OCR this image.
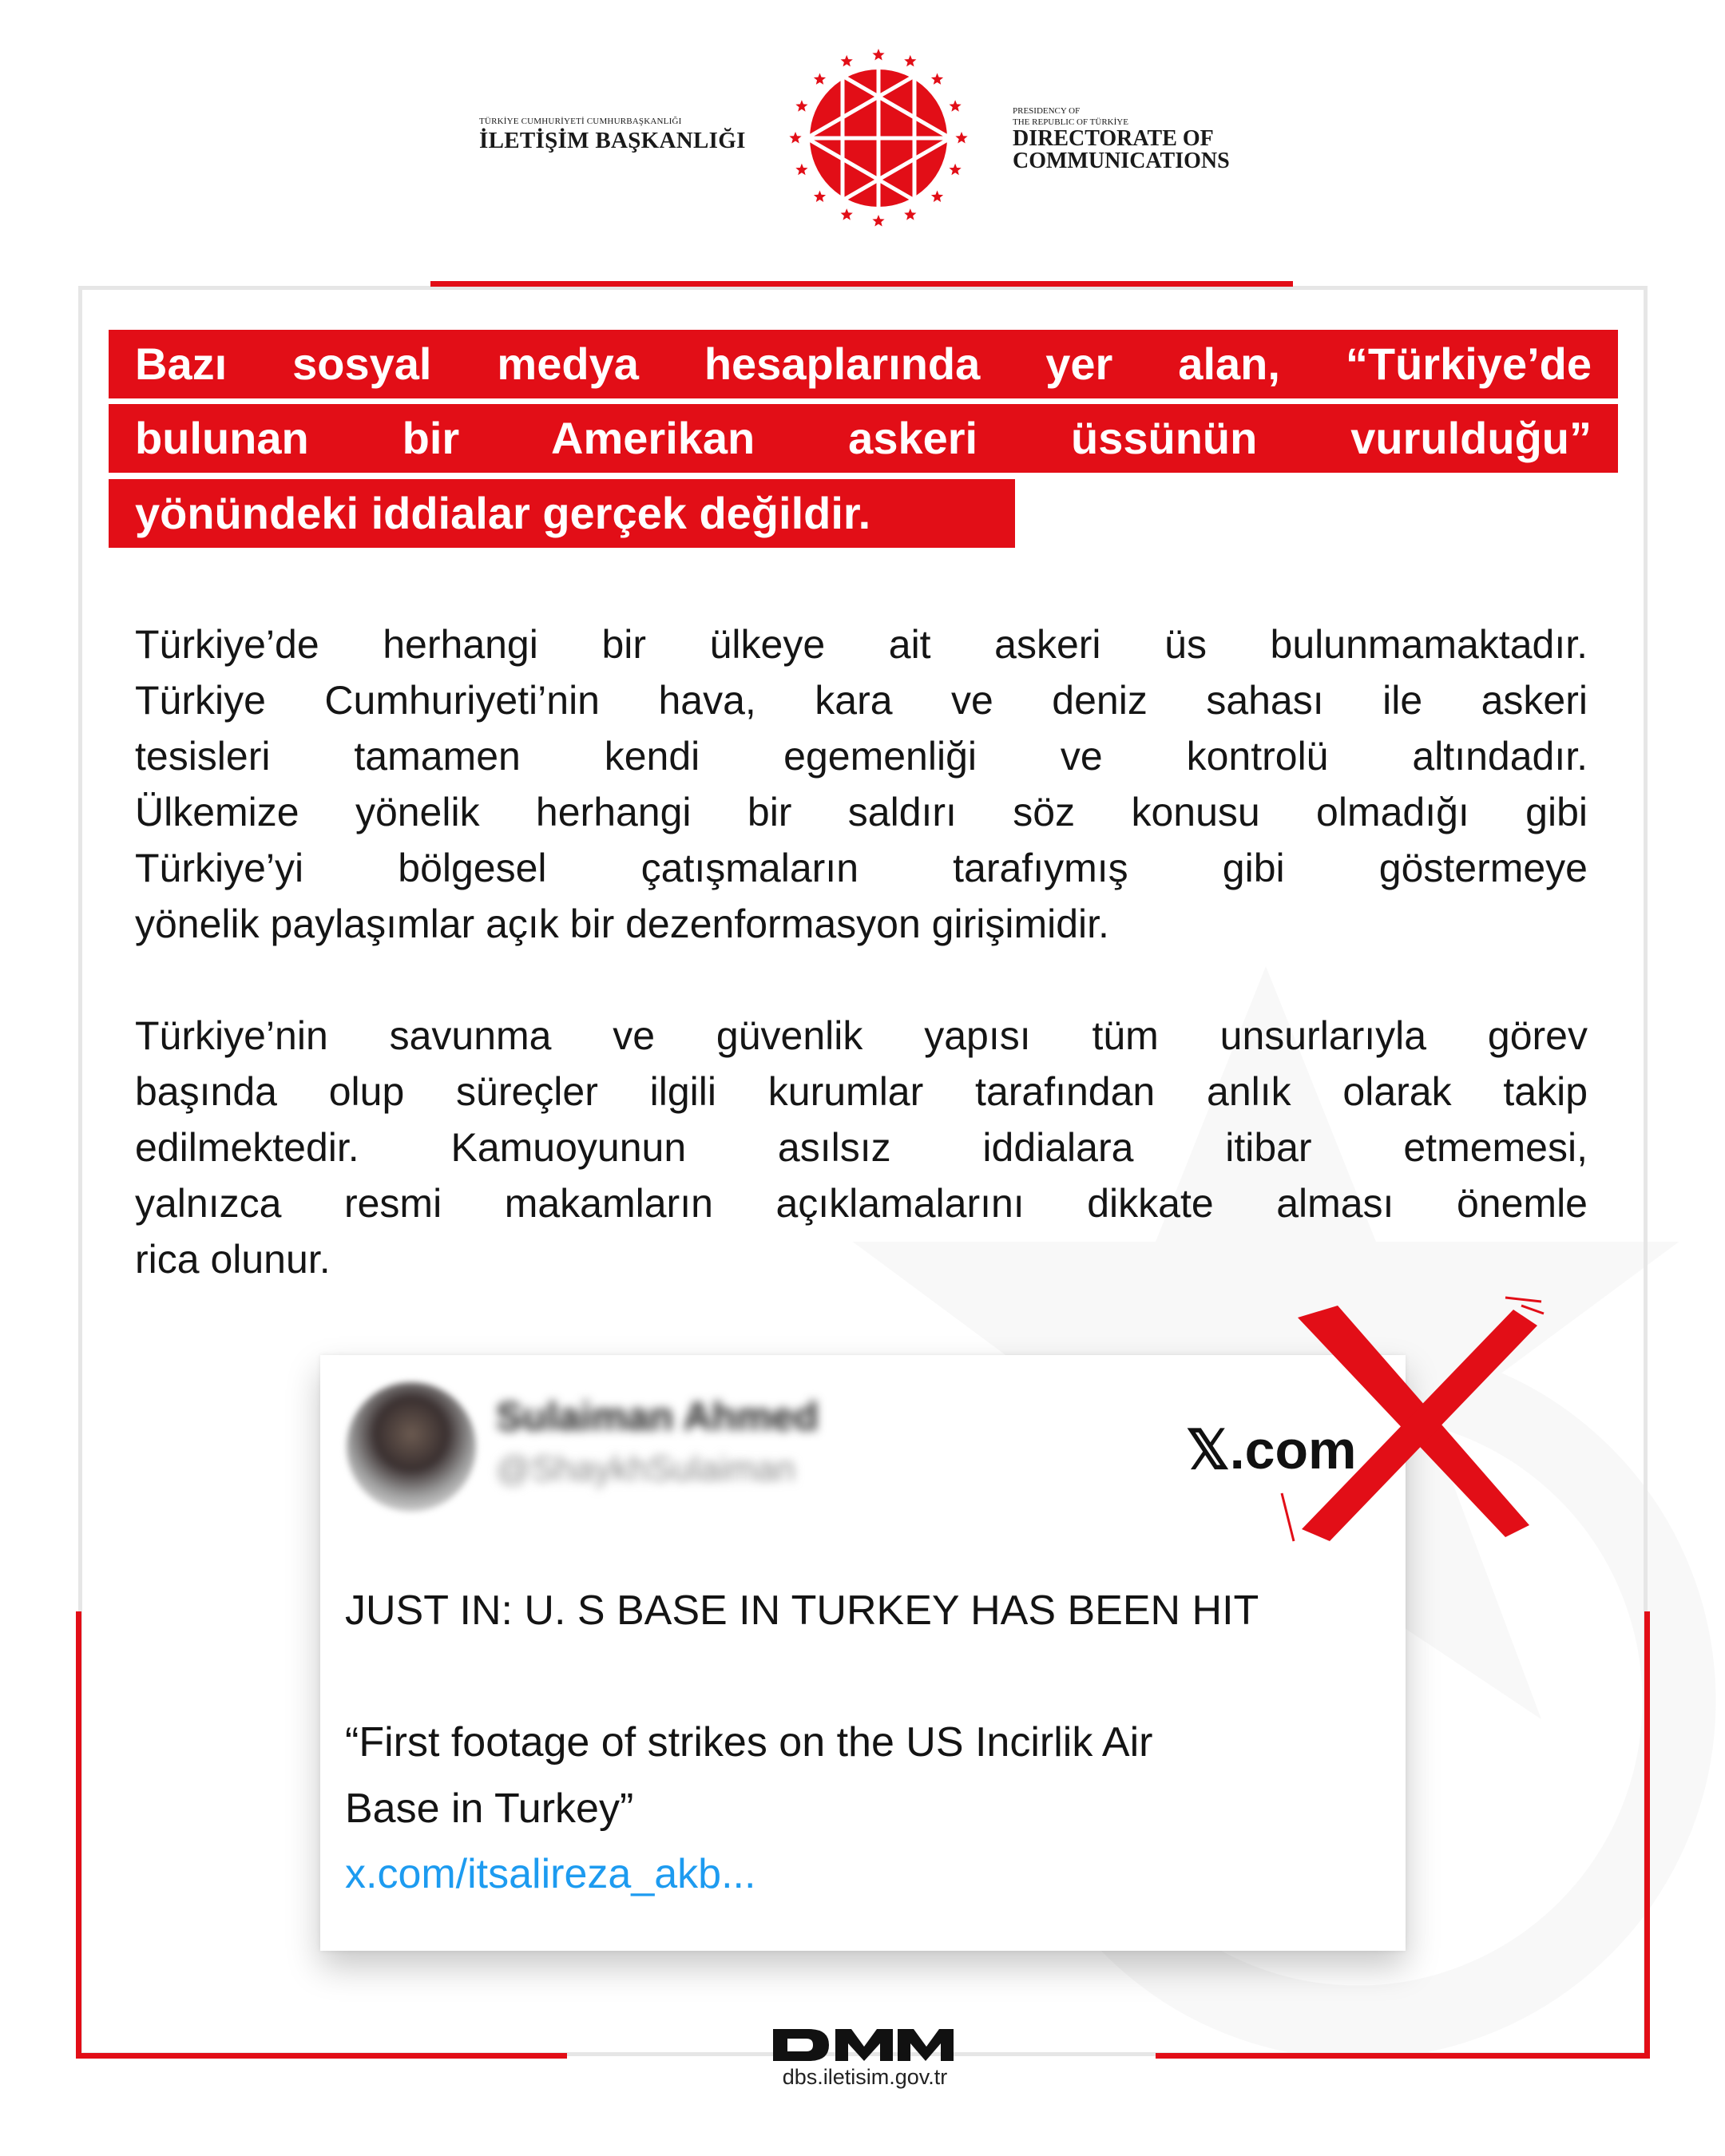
TÜRKİYE CUMHURİYETİ CUMHURBAŞKANLIĞI
İLETİŞİM BAŞKANLIĞI
PRESIDENCY OF
THE REPUBLIC OF TÜRKİYE
DIRECTORATE OF
COMMUNICATIONS
Bazı sosyal medya hesaplarında yer alan, “Türkiye’de
bulunan bir Amerikan askeri üssünün vurulduğu”
yönündeki iddialar gerçek değildir.
Türkiye’de herhangi bir ülkeye ait askeri üs bulunmamaktadır.
Türkiye Cumhuriyeti’nin hava, kara ve deniz sahası ile askeri
tesisleri tamamen kendi egemenliği ve kontrolü altındadır.
Ülkemize yönelik herhangi bir saldırı söz konusu olmadığı gibi
Türkiye’yi bölgesel çatışmaların tarafıymış gibi göstermeye
yönelik paylaşımlar açık bir dezenformasyon girişimidir.
Türkiye’nin savunma ve güvenlik yapısı tüm unsurlarıyla görev
başında olup süreçler ilgili kurumlar tarafından anlık olarak takip
edilmektedir. Kamuoyunun asılsız iddialara itibar etmemesi,
yalnızca resmi makamların açıklamalarını dikkate alması önemle
rica olunur.
Sulaiman Ahmed
@ShaykhSulaiman	𝕏.com
JUST IN: U. S BASE IN TURKEY HAS BEEN HIT
“First footage of strikes on the US Incirlik Air
Base in Turkey”
x.com/itsalireza_akb...
dbs.iletisim.gov.tr
